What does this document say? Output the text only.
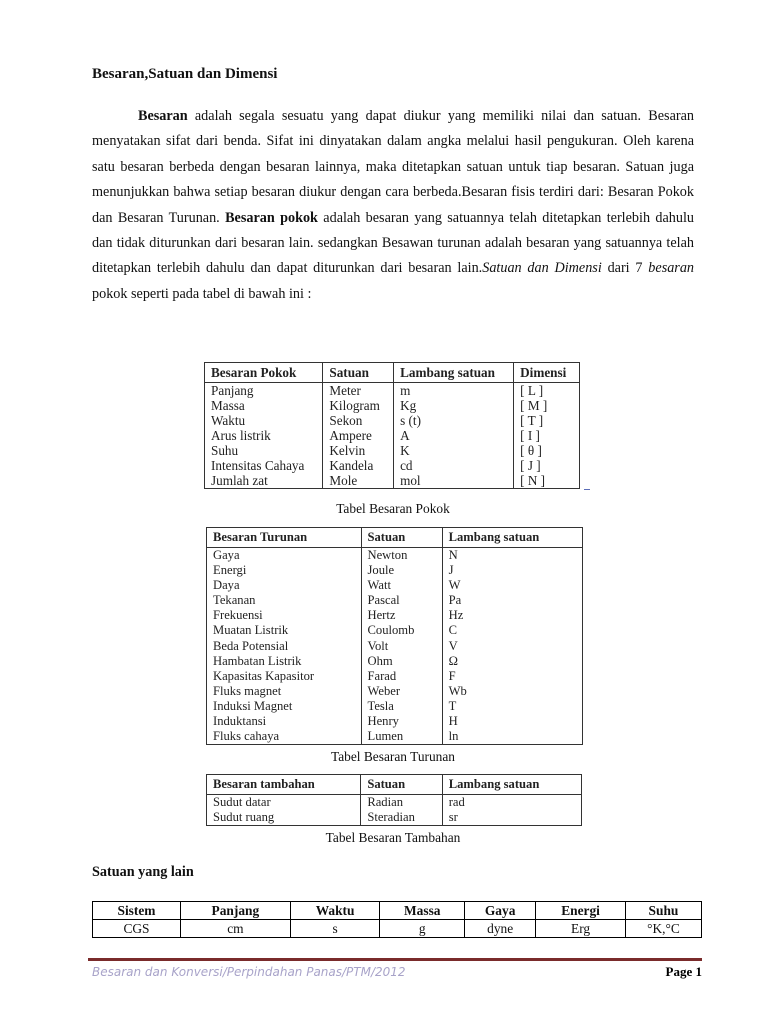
Besaran,Satuan dan Dimensi
Besaran adalah segala sesuatu yang dapat diukur yang memiliki nilai dan satuan. Besaran menyatakan sifat dari benda. Sifat ini dinyatakan dalam angka melalui hasil pengukuran. Oleh karena satu besaran berbeda dengan besaran lainnya, maka ditetapkan satuan untuk tiap besaran. Satuan juga menunjukkan bahwa setiap besaran diukur dengan cara berbeda.Besaran fisis terdiri dari: Besaran Pokok dan Besaran Turunan. Besaran pokok adalah besaran yang satuannya telah ditetapkan terlebih dahulu dan tidak diturunkan dari besaran lain. sedangkan Besawan turunan adalah besaran yang satuannya telah ditetapkan terlebih dahulu dan dapat diturunkan dari besaran lain.Satuan dan Dimensi dari 7 besaran pokok seperti pada tabel di bawah ini :
Besaran Pokok	Satuan	Lambang satuan	Dimensi
Panjang	Meter	m	[ L ]
Massa	Kilogram	Kg	[ M ]
Waktu	Sekon	s (t)	[ T ]
Arus listrik	Ampere	A	[ I ]
Suhu	Kelvin	K	[ θ ]
Intensitas Cahaya	Kandela	cd	[ J ]
Jumlah zat	Mole	mol	[ N ]
Tabel Besaran Pokok
Besaran Turunan	Satuan	Lambang satuan
Gaya	Newton	N
Energi	Joule	J
Daya	Watt	W
Tekanan	Pascal	Pa
Frekuensi	Hertz	Hz
Muatan Listrik	Coulomb	C
Beda Potensial	Volt	V
Hambatan Listrik	Ohm	Ω
Kapasitas Kapasitor	Farad	F
Fluks magnet	Weber	Wb
Induksi Magnet	Tesla	T
Induktansi	Henry	H
Fluks cahaya	Lumen	ln
Tabel Besaran Turunan
Besaran tambahan	Satuan	Lambang satuan
Sudut datar	Radian	rad
Sudut ruang	Steradian	sr
Tabel Besaran Tambahan
Satuan yang lain
Sistem	Panjang	Waktu	Massa	Gaya	Energi	Suhu
CGS	cm	s	g	dyne	Erg	°K,°C
Besaran dan Konversi/Perpindahan Panas/PTM/2012	Page 1
